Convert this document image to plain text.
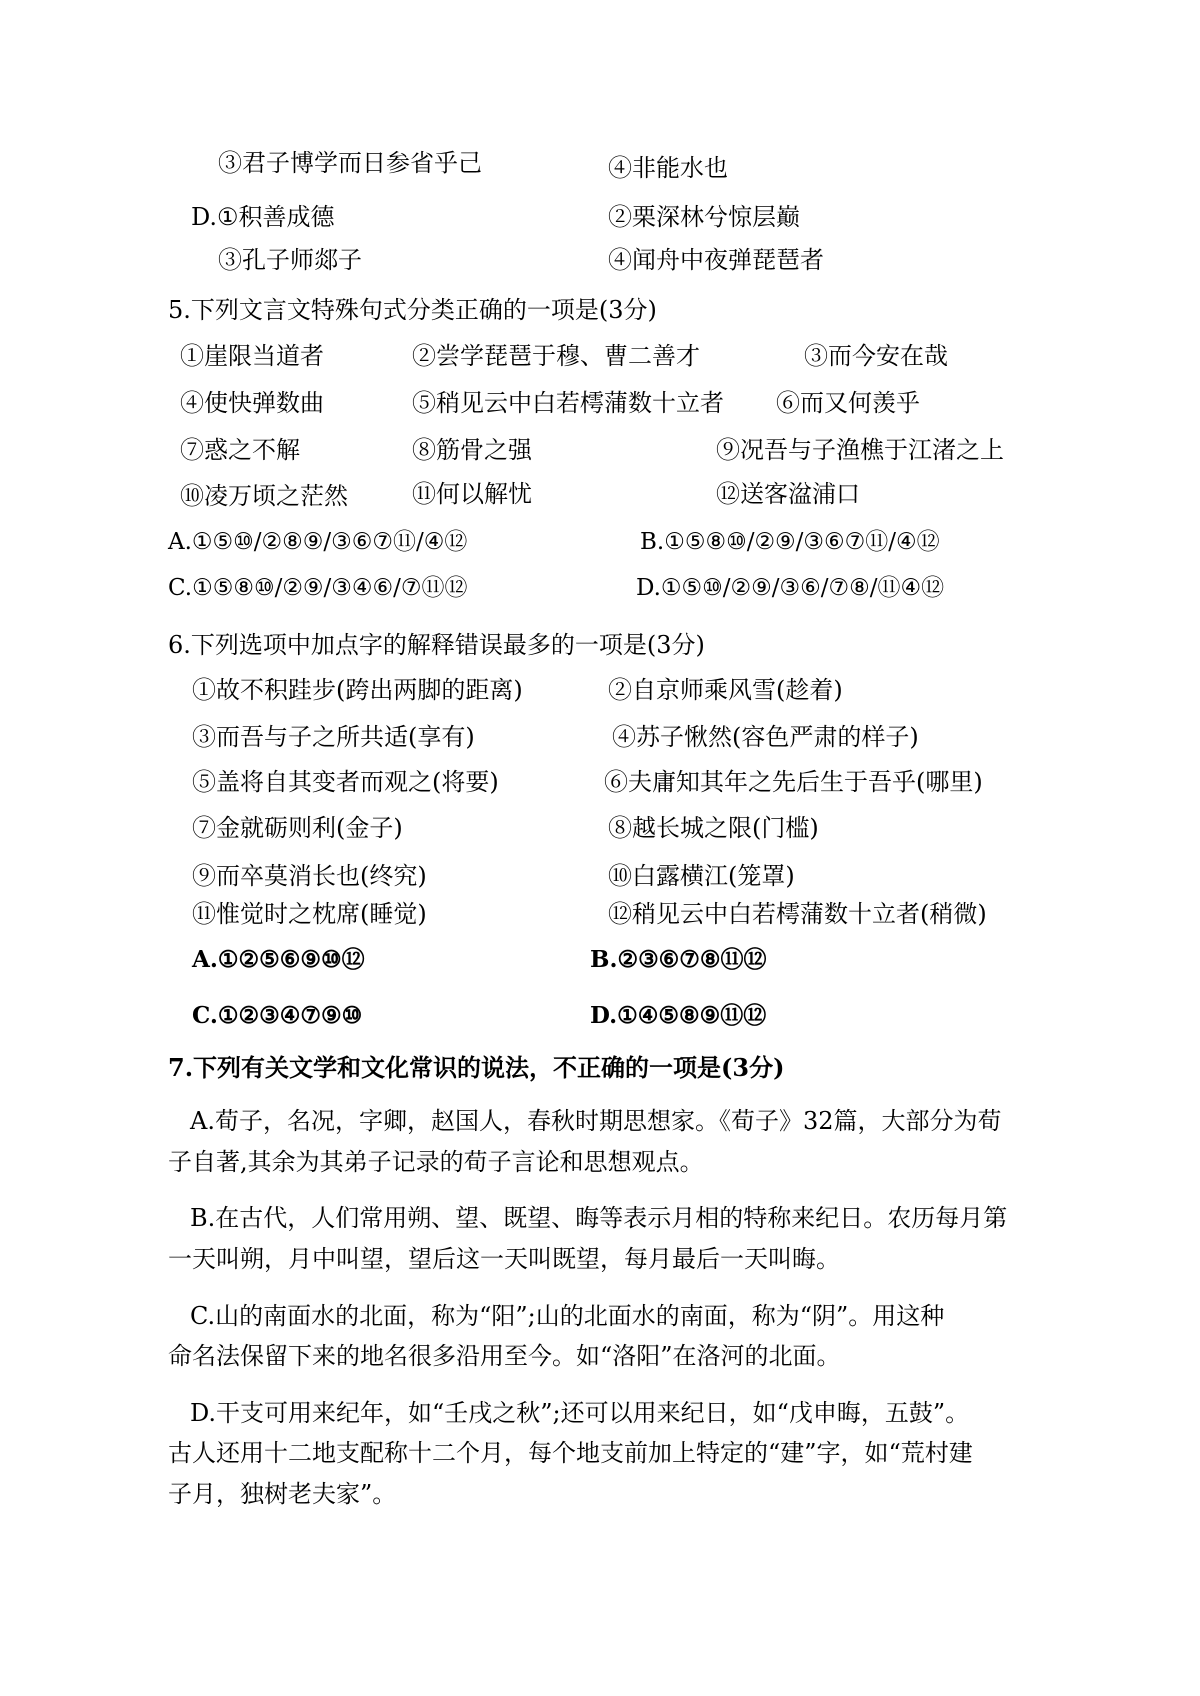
③君子博学而日参省乎己	④非能水也
D.①积善成德	②栗深林兮惊层巅
③孔子师郯子	④闻舟中夜弹琵琶者
5.下列文言文特殊句式分类正确的一项是(3分)
①崖限当道者	②尝学琵琶于穆、曹二善才	③而今安在哉
④使快弹数曲	⑤稍见云中白若樗蒲数十立者 ⑥而又何羡乎
⑦惑之不解	⑧筋骨之强	⑨况吾与子渔樵于江渚之上
⑩凌万顷之茫然	⑪何以解忧	⑫送客湓浦口
A.①⑤⑩/②⑧⑨/③⑥⑦⑪/④⑫	B.①⑤⑧⑩/②⑨/③⑥⑦⑪/④⑫
C.①⑤⑧⑩/②⑨/③④⑥/⑦⑪⑫	D.①⑤⑩/②⑨/③⑥/⑦⑧/⑪④⑫
6.下列选项中加点字的解释错误最多的一项是(3分)
①故不积跬步(跨出两脚的距离)	②自京师乘风雪(趁着)
③而吾与子之所共适(享有)	④苏子愀然(容色严肃的样子)
⑤盖将自其变者而观之(将要)	⑥夫庸知其年之先后生于吾乎(哪里)
⑦金就砺则利(金子)	⑧越长城之限(门槛)
⑨而卒莫消长也(终究)	⑩白露横江(笼罩)
⑪惟觉时之枕席(睡觉)	⑫稍见云中白若樗蒲数十立者(稍微)
A.①②⑤⑥⑨⑩⑫	B.②③⑥⑦⑧⑪⑫
C.①②③④⑦⑨⑩	D.①④⑤⑧⑨⑪⑫
7.下列有关文学和文化常识的说法，不正确的一项是(3分)
A.荀子，名况，字卿，赵国人，春秋时期思想家。《荀子》32篇，大部分为荀
子自著,其余为其弟子记录的荀子言论和思想观点。
B.在古代，人们常用朔、望、既望、晦等表示月相的特称来纪日。农历每月第
一天叫朔，月中叫望，望后这一天叫既望，每月最后一天叫晦。
C.山的南面水的北面，称为“阳”;山的北面水的南面，称为“阴”。用这种
命名法保留下来的地名很多沿用至今。如“洛阳”在洛河的北面。
D.干支可用来纪年，如“壬戌之秋”;还可以用来纪日，如“戊申晦，五鼓”。
古人还用十二地支配称十二个月，每个地支前加上特定的“建”字，如“荒村建
子月，独树老夫家”。
